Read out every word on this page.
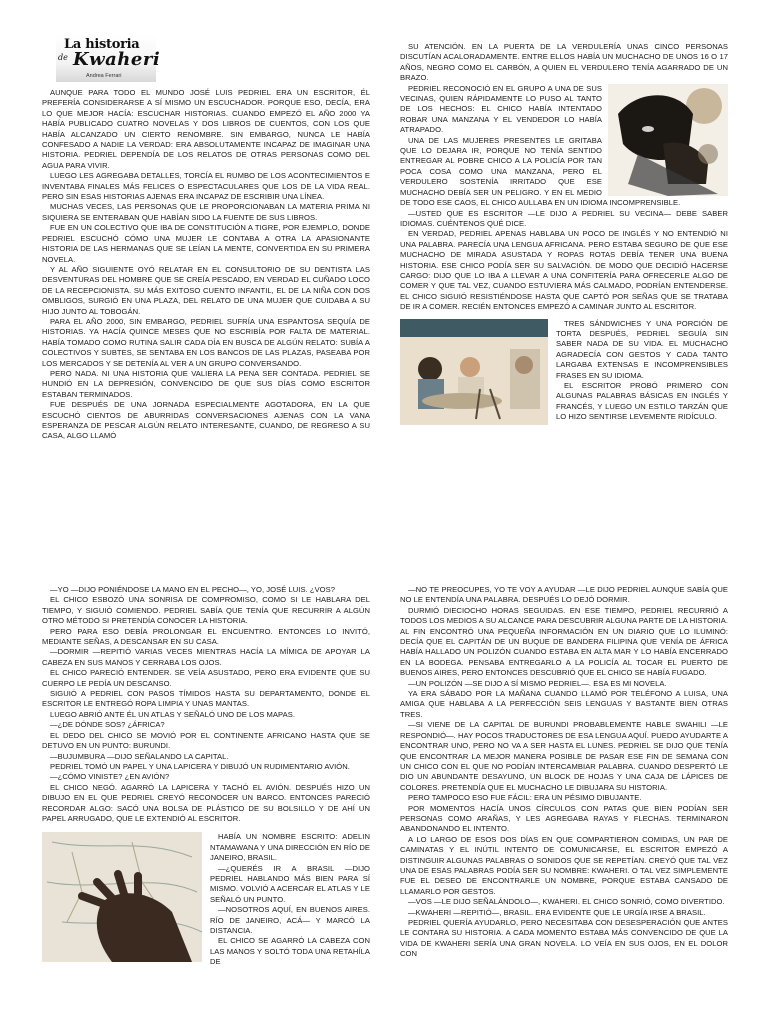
La historia
de Kwaheri
Andrea Ferrari

AUNQUE PARA TODO EL MUNDO JOSÉ LUIS PEDRIEL ERA UN ESCRITOR, ÉL PREFERÍA CONSIDERARSE A SÍ MISMO UN ESCUCHADOR. PORQUE ESO, DECÍA, ERA LO QUE MEJOR HACÍA: ESCUCHAR HISTORIAS. CUANDO EMPEZÓ EL AÑO 2000 YA HABÍA PUBLICADO CUATRO NOVELAS Y DOS LIBROS DE CUENTOS, CON LOS QUE HABÍA ALCANZADO UN CIERTO RENOMBRE. SIN EMBARGO, NUNCA LE HABÍA CONFESADO A NADIE LA VERDAD: ERA ABSOLUTAMENTE INCAPAZ DE IMAGINAR UNA HISTORIA. PEDRIEL DEPENDÍA DE LOS RELATOS DE OTRAS PERSONAS COMO DEL AGUA PARA VIVIR.

LUEGO LES AGREGABA DETALLES, TORCÍA EL RUMBO DE LOS ACONTECIMIENTOS E INVENTABA FINALES MÁS FELICES O ESPECTACULARES QUE LOS DE LA VIDA REAL. PERO SIN ESAS HISTORIAS AJENAS ERA INCAPAZ DE ESCRIBIR UNA LÍNEA.

MUCHAS VECES, LAS PERSONAS QUE LE PROPORCIONABAN LA MATERIA PRIMA NI SIQUIERA SE ENTERABAN QUE HABÍAN SIDO LA FUENTE DE SUS LIBROS.

FUE EN UN COLECTIVO QUE IBA DE CONSTITUCIÓN A TIGRE, POR EJEMPLO, DONDE PEDRIEL ESCUCHÓ CÓMO UNA MUJER LE CONTABA A OTRA LA APASIONANTE HISTORIA DE LAS HERMANAS QUE SE LEÍAN LA MENTE, CONVERTIDA EN SU PRIMERA NOVELA.

Y AL AÑO SIGUIENTE OYÓ RELATAR EN EL CONSULTORIO DE SU DENTISTA LAS DESVENTURAS DEL HOMBRE QUE SE CREÍA PESCADO, EN VERDAD EL CUÑADO LOCO DE LA RECEPCIONISTA. SU MÁS EXITOSO CUENTO INFANTIL, EL DE LA NIÑA CON DOS OMBLIGOS, SURGIÓ EN UNA PLAZA, DEL RELATO DE UNA MUJER QUE CUIDABA A SU HIJO JUNTO AL TOBOGÁN.

PARA EL AÑO 2000, SIN EMBARGO, PEDRIEL SUFRÍA UNA ESPANTOSA SEQUÍA DE HISTORIAS. YA HACÍA QUINCE MESES QUE NO ESCRIBÍA POR FALTA DE MATERIAL. HABÍA TOMADO COMO RUTINA SALIR CADA DÍA EN BUSCA DE ALGÚN RELATO: SUBÍA A COLECTIVOS Y SUBTES, SE SENTABA EN LOS BANCOS DE LAS PLAZAS, PASEABA POR LOS MERCADOS Y SE DETENÍA AL VER A UN GRUPO CONVERSANDO.

PERO NADA. NI UNA HISTORIA QUE VALIERA LA PENA SER CONTADA. PEDRIEL SE HUNDIÓ EN LA DEPRESIÓN, CONVENCIDO DE QUE SUS DÍAS COMO ESCRITOR ESTABAN TERMINADOS.

FUE DESPUÉS DE UNA JORNADA ESPECIALMENTE AGOTADORA, EN LA QUE ESCUCHÓ CIENTOS DE ABURRIDAS CONVERSACIONES AJENAS CON LA VANA ESPERANZA DE PESCAR ALGÚN RELATO INTERESANTE, CUANDO, DE REGRESO A SU CASA, ALGO LLAMÓ

SU ATENCIÓN. EN LA PUERTA DE LA VERDULERÍA UNAS CINCO PERSONAS DISCUTÍAN ACALORADAMENTE. ENTRE ELLOS HABÍA UN MUCHACHO DE UNOS 16 O 17 AÑOS, NEGRO COMO EL CARBÓN, A QUIEN EL VERDULERO TENÍA AGARRADO DE UN BRAZO.

PEDRIEL RECONOCIÓ EN EL GRUPO A UNA DE SUS VECINAS, QUIEN RÁPIDAMENTE LO PUSO AL TANTO DE LOS HECHOS: EL CHICO HABÍA INTENTADO ROBAR UNA MANZANA Y EL VENDEDOR LO HABÍA ATRAPADO.

UNA DE LAS MUJERES PRESENTES LE GRITABA QUE LO DEJARA IR, PORQUE NO TENÍA SENTIDO ENTREGAR AL POBRE CHICO A LA POLICÍA POR TAN POCA COSA COMO UNA MANZANA, PERO EL VERDULERO SOSTENÍA IRRITADO QUE ESE MUCHACHO DEBÍA SER UN PELIGRO. Y EN EL MEDIO DE TODO ESE CAOS, EL CHICO AULLABA EN UN IDIOMA INCOMPRENSIBLE.

—USTED QUE ES ESCRITOR —LE DIJO A PEDRIEL SU VECINA— DEBE SABER IDIOMAS. CUÉNTENOS QUÉ DICE.

EN VERDAD, PEDRIEL APENAS HABLABA UN POCO DE INGLÉS Y NO ENTENDIÓ NI UNA PALABRA. PARECÍA UNA LENGUA AFRICANA. PERO ESTABA SEGURO DE QUE ESE MUCHACHO DE MIRADA ASUSTADA Y ROPAS ROTAS DEBÍA TENER UNA BUENA HISTORIA. ESE CHICO PODÍA SER SU SALVACIÓN. DE MODO QUE DECIDIÓ HACERSE CARGO: DIJO QUE LO IBA A LLEVAR A UNA CONFITERÍA PARA OFRECERLE ALGO DE COMER Y QUE TAL VEZ, CUANDO ESTUVIERA MÁS CALMADO, PODRÍAN ENTENDERSE. EL CHICO SIGUIÓ RESISTIÉNDOSE HASTA QUE CAPTÓ POR SEÑAS QUE SE TRATABA DE IR A COMER. RECIÉN ENTONCES EMPEZÓ A CAMINAR JUNTO AL ESCRITOR.

TRES SÁNDWICHES Y UNA PORCIÓN DE TORTA DESPUÉS, PEDRIEL SEGUÍA SIN SABER NADA DE SU VIDA. EL MUCHACHO AGRADECÍA CON GESTOS Y CADA TANTO LARGABA EXTENSAS E INCOMPRENSIBLES FRASES EN SU IDIOMA.

EL ESCRITOR PROBÓ PRIMERO CON ALGUNAS PALABRAS BÁSICAS EN INGLÉS Y FRANCÉS, Y LUEGO UN ESTILO TARZÁN QUE LO HIZO SENTIRSE LEVEMENTE RIDÍCULO.

—YO —DIJO PONIÉNDOSE LA MANO EN EL PECHO—, YO, JOSÉ LUIS. ¿VOS?

EL CHICO ESBOZÓ UNA SONRISA DE COMPROMISO, COMO SI LE HABLARA DEL TIEMPO, Y SIGUIÓ COMIENDO. PEDRIEL SABÍA QUE TENÍA QUE RECURRIR A ALGÚN OTRO MÉTODO SI PRETENDÍA CONOCER LA HISTORIA.

PERO PARA ESO DEBÍA PROLONGAR EL ENCUENTRO. ENTONCES LO INVITÓ, MEDIANTE SEÑAS, A DESCANSAR EN SU CASA.

—DORMIR —REPITIÓ VARIAS VECES MIENTRAS HACÍA LA MÍMICA DE APOYAR LA CABEZA EN SUS MANOS Y CERRABA LOS OJOS.

EL CHICO PARECIÓ ENTENDER. SE VEÍA ASUSTADO, PERO ERA EVIDENTE QUE SU CUERPO LE PEDÍA UN DESCANSO.

SIGUIÓ A PEDRIEL CON PASOS TÍMIDOS HASTA SU DEPARTAMENTO, DONDE EL ESCRITOR LE ENTREGÓ ROPA LIMPIA Y UNAS MANTAS.

LUEGO ABRIÓ ANTE ÉL UN ATLAS Y SEÑALÓ UNO DE LOS MAPAS.

—¿DE DÓNDE SOS? ¿ÁFRICA?

EL DEDO DEL CHICO SE MOVIÓ POR EL CONTINENTE AFRICANO HASTA QUE SE DETUVO EN UN PUNTO: BURUNDI.

—BUJUMBURA —DIJO SEÑALANDO LA CAPITAL.

PEDRIEL TOMÓ UN PAPEL Y UNA LAPICERA Y DIBUJÓ UN RUDIMENTARIO AVIÓN.

—¿CÓMO VINISTE? ¿EN AVIÓN?

EL CHICO NEGÓ. AGARRÓ LA LAPICERA Y TACHÓ EL AVIÓN. DESPUÉS HIZO UN DIBUJO EN EL QUE PEDRIEL CREYÓ RECONOCER UN BARCO. ENTONCES PARECIÓ RECORDAR ALGO: SACÓ UNA BOLSA DE PLÁSTICO DE SU BOLSILLO Y DE AHÍ UN PAPEL ARRUGADO, QUE LE EXTENDIÓ AL ESCRITOR.

HABÍA UN NOMBRE ESCRITO: ADELIN NTAMAWANA Y UNA DIRECCIÓN EN RÍO DE JANEIRO, BRASIL.

—¿QUERÉS IR A BRASIL —DIJO PEDRIEL HABLANDO MÁS BIEN PARA SÍ MISMO. VOLVIÓ A ACERCAR EL ATLAS Y LE SEÑALÓ UN PUNTO.

—NOSOTROS AQUÍ, EN BUENOS AIRES. RÍO DE JANEIRO, ACÁ— Y MARCÓ LA DISTANCIA.

EL CHICO SE AGARRÓ LA CABEZA CON LAS MANOS Y SOLTÓ TODA UNA RETAHÍLA DE

—NO TE PREOCUPES, YO TE VOY A AYUDAR —LE DIJO PEDRIEL AUNQUE SABÍA QUE NO LE ENTENDÍA UNA PALABRA. DESPUÉS LO DEJÓ DORMIR.

DURMIÓ DIECIOCHO HORAS SEGUIDAS. EN ESE TIEMPO, PEDRIEL RECURRIÓ A TODOS LOS MEDIOS A SU ALCANCE PARA DESCUBRIR ALGUNA PARTE DE LA HISTORIA. AL FIN ENCONTRÓ UNA PEQUEÑA INFORMACIÓN EN UN DIARIO QUE LO ILUMINÓ: DECÍA QUE EL CAPITÁN DE UN BUQUE DE BANDERA FILIPINA QUE VENÍA DE ÁFRICA HABÍA HALLADO UN POLIZÓN CUANDO ESTABA EN ALTA MAR Y LO HABÍA ENCERRADO EN LA BODEGA. PENSABA ENTREGARLO A LA POLICÍA AL TOCAR EL PUERTO DE BUENOS AIRES, PERO ENTONCES DESCUBRIÓ QUE EL CHICO SE HABÍA FUGADO.

—UN POLIZÓN —SE DIJO A SÍ MISMO PEDRIEL—. ESA ES MI NOVELA.

YA ERA SÁBADO POR LA MAÑANA CUANDO LLAMÓ POR TELÉFONO A LUISA, UNA AMIGA QUE HABLABA A LA PERFECCIÓN SEIS LENGUAS Y BASTANTE BIEN OTRAS TRES.

—SI VIENE DE LA CAPITAL DE BURUNDI PROBABLEMENTE HABLE SWAHILI —LE RESPONDIÓ—. HAY POCOS TRADUCTORES DE ESA LENGUA AQUÍ. PUEDO AYUDARTE A ENCONTRAR UNO, PERO NO VA A SER HASTA EL LUNES. PEDRIEL SE DIJO QUE TENÍA QUE ENCONTRAR LA MEJOR MANERA POSIBLE DE PASAR ESE FIN DE SEMANA CON UN CHICO CON EL QUE NO PODÍAN INTERCAMBIAR PALABRA. CUANDO DESPERTÓ LE DIO UN ABUNDANTE DESAYUNO, UN BLOCK DE HOJAS Y UNA CAJA DE LÁPICES DE COLORES. PRETENDÍA QUE EL MUCHACHO LE DIBUJARA SU HISTORIA.

PERO TAMPOCO ESO FUE FÁCIL: ERA UN PÉSIMO DIBUJANTE.

POR MOMENTOS HACÍA UNOS CÍRCULOS CON PATAS QUE BIEN PODÍAN SER PERSONAS COMO ARAÑAS, Y LES AGREGABA RAYAS Y FLECHAS. TERMINARON ABANDONANDO EL INTENTO.

A LO LARGO DE ESOS DOS DÍAS EN QUE COMPARTIERON COMIDAS, UN PAR DE CAMINATAS Y EL INÚTIL INTENTO DE COMUNICARSE, EL ESCRITOR EMPEZÓ A DISTINGUIR ALGUNAS PALABRAS O SONIDOS QUE SE REPETÍAN. CREYÓ QUE TAL VEZ UNA DE ESAS PALABRAS PODÍA SER SU NOMBRE: KWAHERI. O TAL VEZ SIMPLEMENTE FUE EL DESEO DE ENCONTRARLE UN NOMBRE, PORQUE ESTABA CANSADO DE LLAMARLO POR GESTOS.

—VOS —LE DIJO SEÑALÁNDOLO—, KWAHERI. EL CHICO SONRIÓ, COMO DIVERTIDO.

—KWAHERI —REPITIÓ—, BRASIL. ERA EVIDENTE QUE LE URGÍA IRSE A BRASIL.

PEDRIEL QUERÍA AYUDARLO, PERO NECESITABA CON DESESPERACIÓN QUE ANTES LE CONTARA SU HISTORIA. A CADA MOMENTO ESTABA MÁS CONVENCIDO DE QUE LA VIDA DE KWAHERI SERÍA UNA GRAN NOVELA. LO VEÍA EN SUS OJOS, EN EL DOLOR CON
